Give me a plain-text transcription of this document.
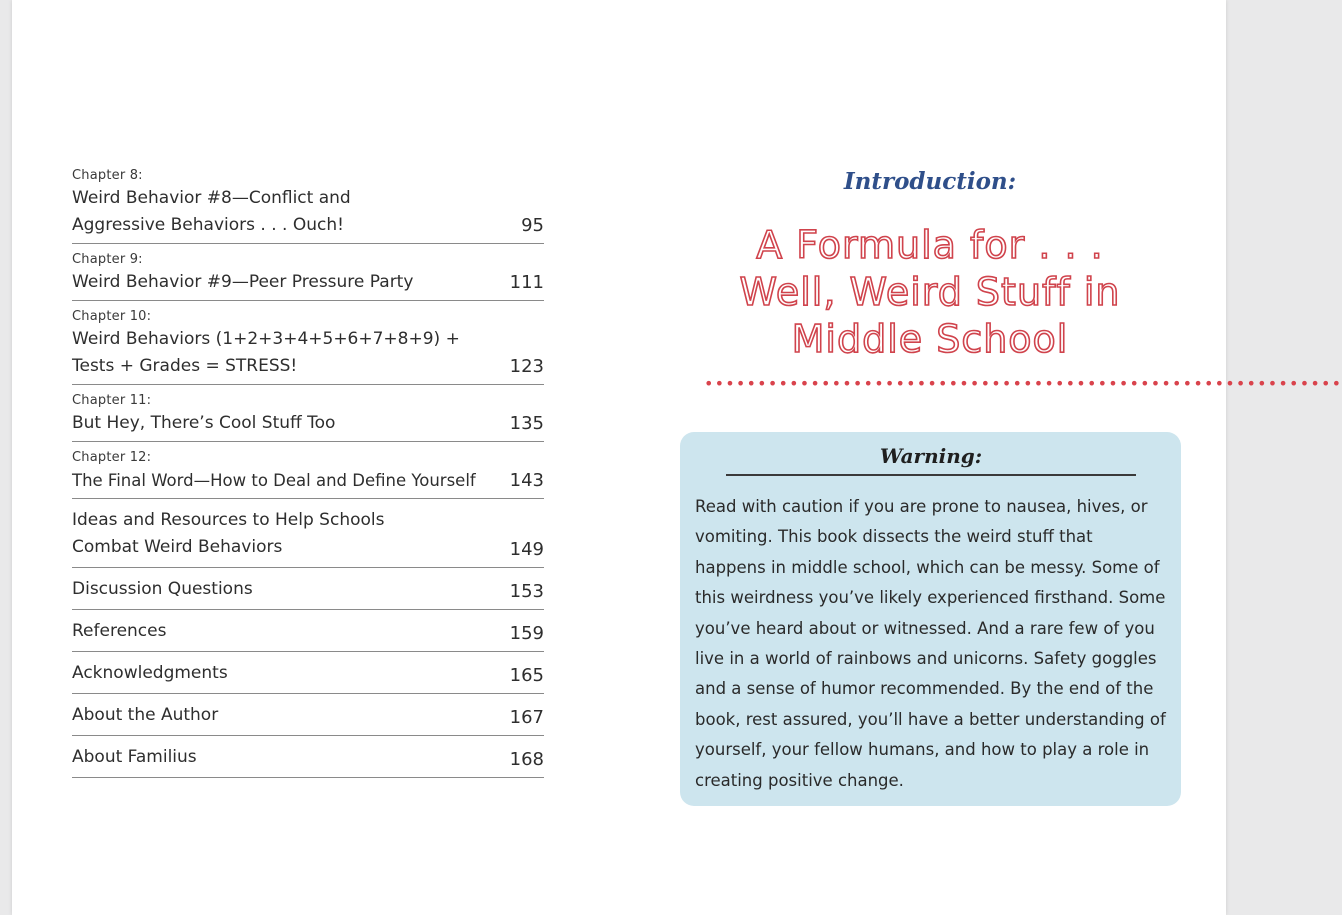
Chapter 8:
Weird Behavior #8—Conflict and
Aggressive Behaviors . . . Ouch!	95
Chapter 9:
Weird Behavior #9—Peer Pressure Party	111
Chapter 10:
Weird Behaviors (1+2+3+4+5+6+7+8+9) +
Tests + Grades = STRESS!	123
Chapter 11:
But Hey, There’s Cool Stuff Too	135
Chapter 12:
The Final Word—How to Deal and Define Yourself	143
Ideas and Resources to Help Schools
Combat Weird Behaviors	149
Discussion Questions	153
References	159
Acknowledgments	165
About the Author	167
About Familius	168
Introduction:
A Formula for . . .
Well, Weird Stuff in
Middle School
••••••••••••••••••••••••••••••••••••••••••••••••••••••••••••
Warning:
Read with caution if you are prone to nausea, hives, or vomiting. This book dissects the weird stuff that happens in middle school, which can be messy. Some of this weirdness you’ve likely experienced firsthand. Some you’ve heard about or witnessed. And a rare few of you live in a world of rainbows and unicorns. Safety goggles and a sense of humor recommended. By the end of the book, rest assured, you’ll have a better understanding of yourself, your fellow humans, and how to play a role in creating positive change.
